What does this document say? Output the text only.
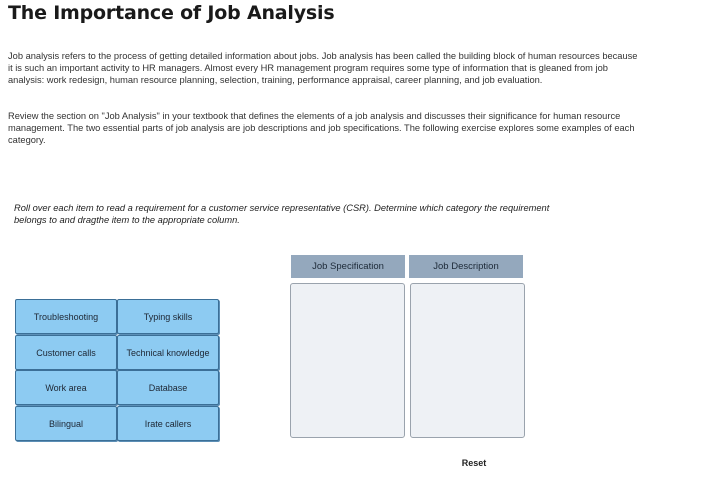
The Importance of Job Analysis

Job analysis refers to the process of getting detailed information about jobs. Job analysis has been called the building block of human resources because it is such an important activity to HR managers. Almost every HR management program requires some type of information that is gleaned from job analysis: work redesign, human resource planning, selection, training, performance appraisal, career planning, and job evaluation.

Review the section on "Job Analysis" in your textbook that defines the elements of a job analysis and discusses their significance for human resource management. The two essential parts of job analysis are job descriptions and job specifications. The following exercise explores some examples of each category.

Roll over each item to read a requirement for a customer service representative (CSR). Determine which category the requirement belongs to and dragthe item to the appropriate column.

Job Specification	Job Description
Troubleshooting	Typing skills
Customer calls	Technical knowledge
Work area	Database
Bilingual	Irate callers
Reset
